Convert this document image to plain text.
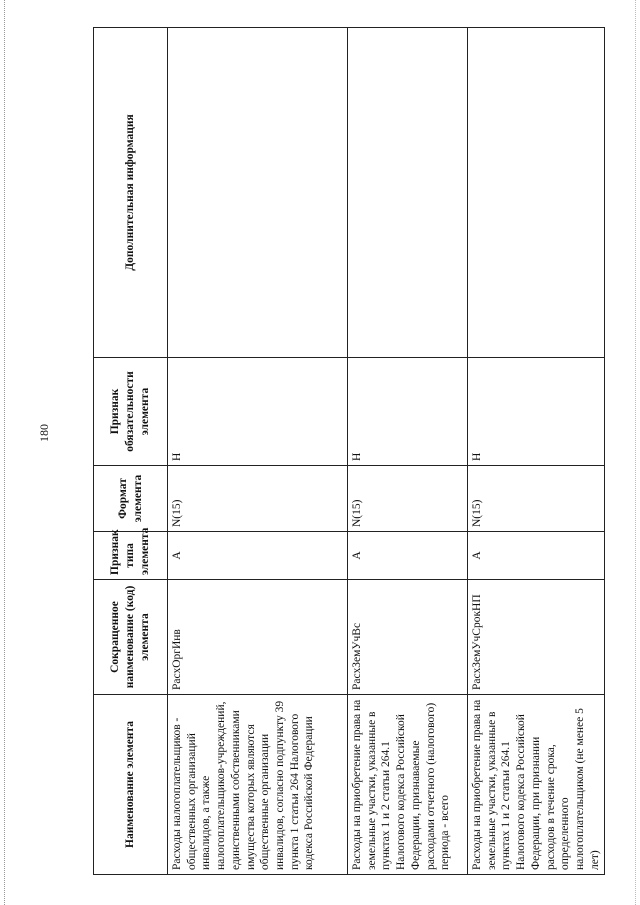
180
Наименование элемента	Сокращенное наименование (код) элемента	Признак типа элемента	Формат элемента	Признак обязательности элемента	Дополнительная информация
Расходы налогоплательщиков - общественных организаций инвалидов, а также налогоплательщиков-учреждений, единственными собственниками имущества которых являются общественные организации инвалидов, согласно подпункту 39 пункта 1 статьи 264 Налогового кодекса Российской Федерации	РасхОргИнв	А	N(15)	Н	
Расходы на приобретение права на земельные участки, указанные в пунктах 1 и 2 статьи 264.1 Налогового кодекса Российской Федерации, признаваемые расходами отчетного (налогового) периода - всего	РасхЗемУчВс	А	N(15)	Н	
Расходы на приобретение права на земельные участки, указанные в пунктах 1 и 2 статьи 264.1 Налогового кодекса Российской Федерации, при признании расходов в течение срока, определенного налогоплательщиком (не менее 5 лет)	РасхЗемУчСрокНП	А	N(15)	Н	
